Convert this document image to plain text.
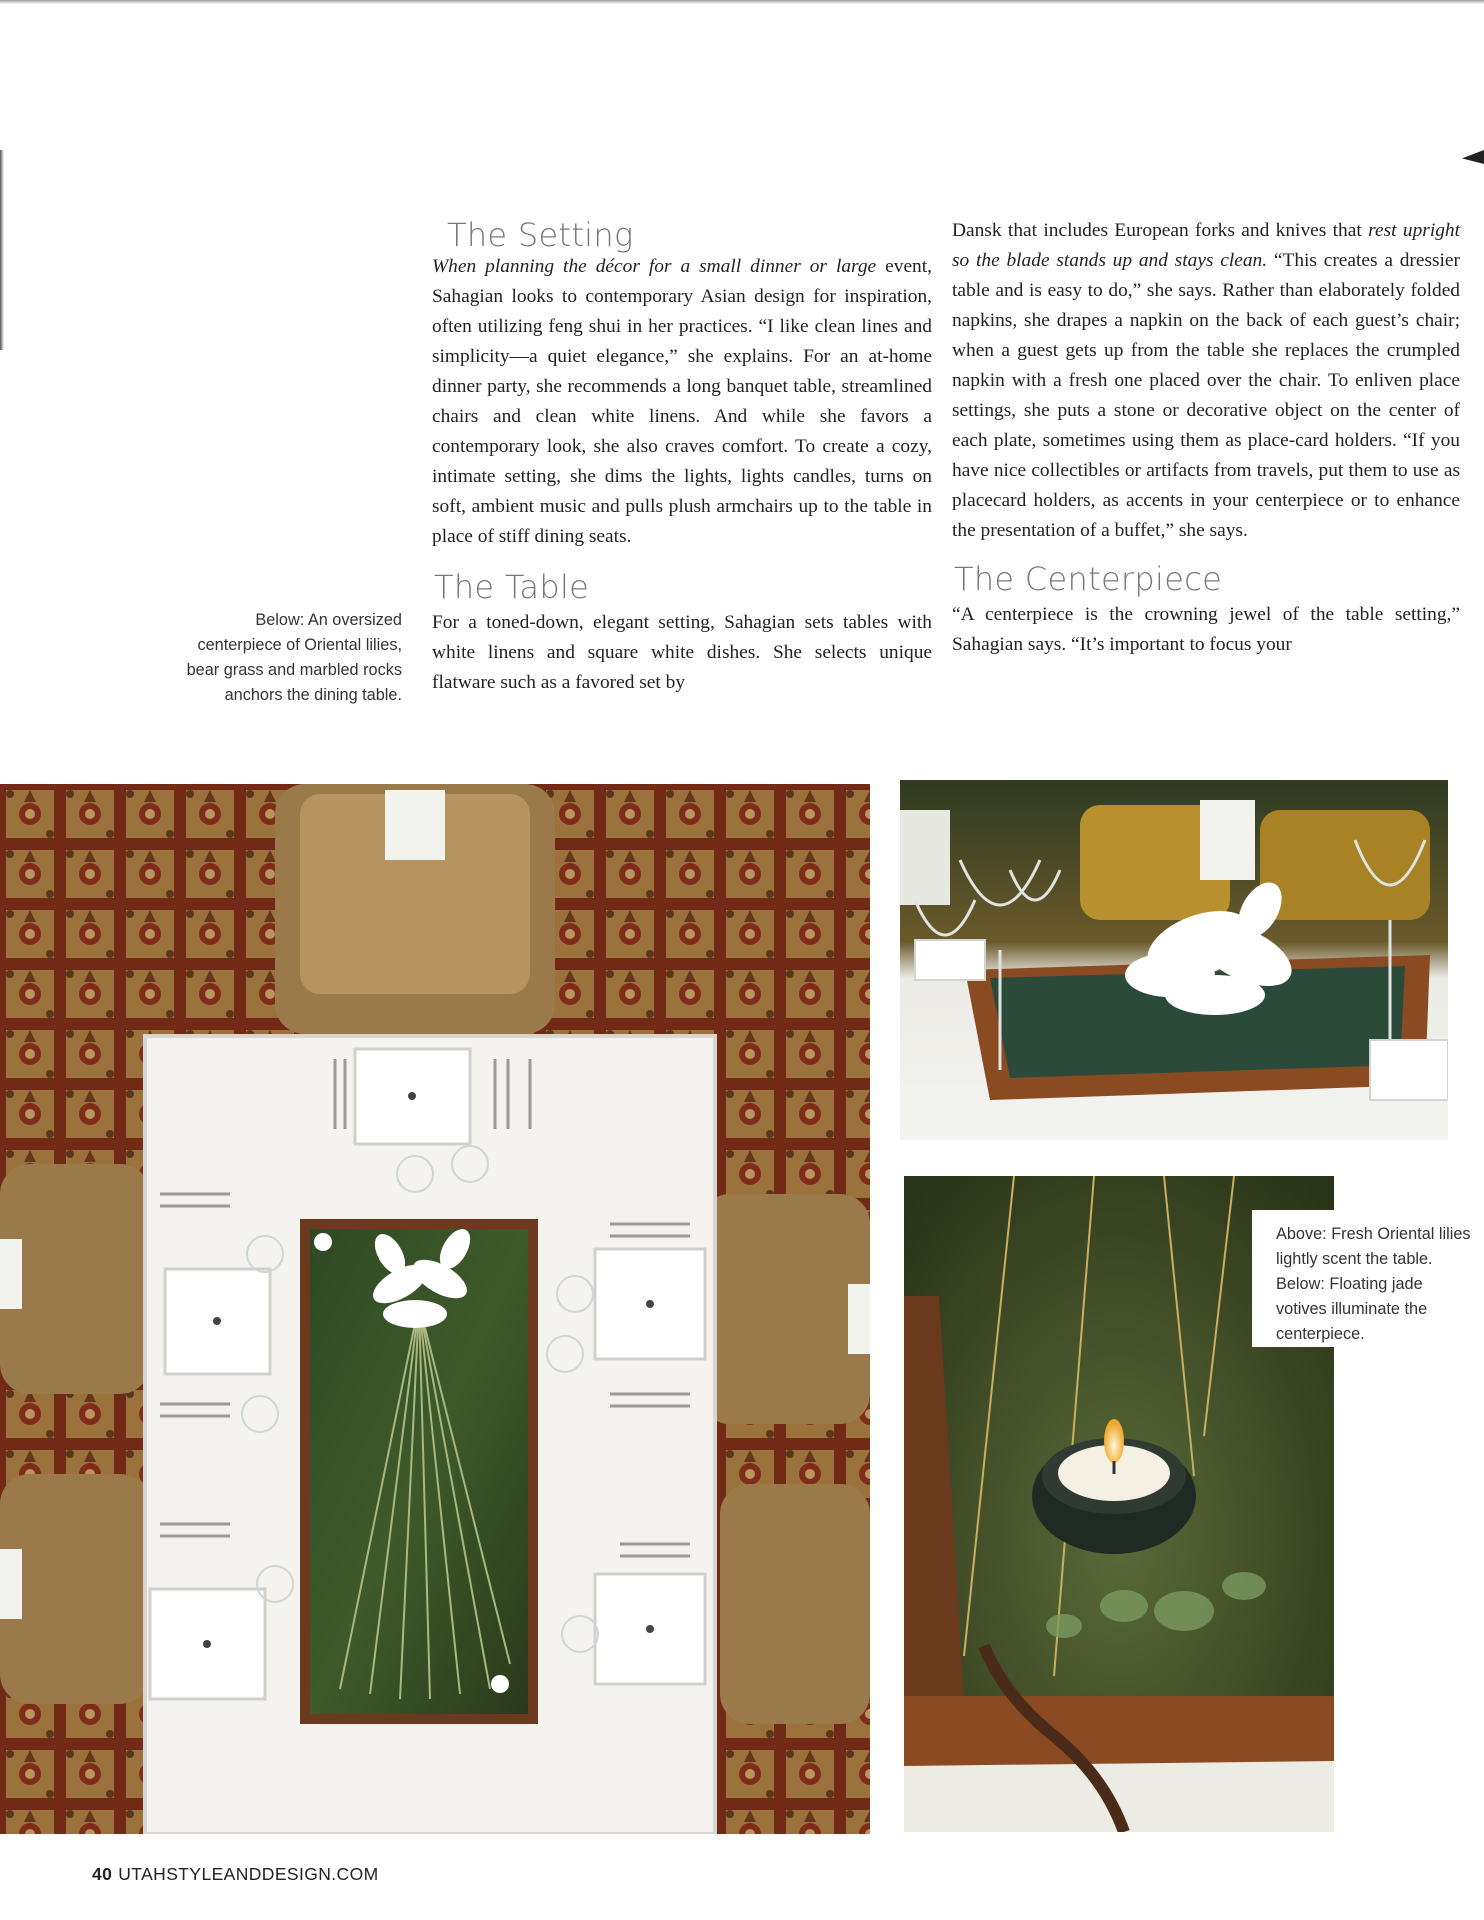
The Setting

When planning the décor for a small dinner or large event, Sahagian looks to contemporary Asian design for inspiration, often utilizing feng shui in her practices. “I like clean lines and simplicity—a quiet elegance,” she explains. For an at-home dinner party, she recommends a long banquet table, streamlined chairs and clean white linens. And while she favors a contemporary look, she also craves comfort. To create a cozy, intimate setting, she dims the lights, lights candles, turns on soft, ambient music and pulls plush armchairs up to the table in place of stiff dining seats.

The Table

For a toned-down, elegant setting, Sahagian sets tables with white linens and square white dishes. She selects unique flatware such as a favored set by

Dansk that includes European forks and knives that rest upright so the blade stands up and stays clean. “This creates a dressier table and is easy to do,” she says. Rather than elaborately folded napkins, she drapes a napkin on the back of each guest’s chair; when a guest gets up from the table she replaces the crumpled napkin with a fresh one placed over the chair. To enliven place settings, she puts a stone or decorative object on the center of each plate, sometimes using them as place-card holders. “If you have nice collectibles or artifacts from travels, put them to use as placecard holders, as accents in your centerpiece or to enhance the presentation of a buffet,” she says.

The Centerpiece

“A centerpiece is the crowning jewel of the table setting,” Sahagian says. “It’s important to focus your

Below: An oversized centerpiece of Oriental lilies, bear grass and marbled rocks anchors the dining table.
Above: Fresh Oriental lilies lightly scent the table. Below: Floating jade votives illuminate the centerpiece.
40 UTAHSTYLEANDDESIGN.COM
